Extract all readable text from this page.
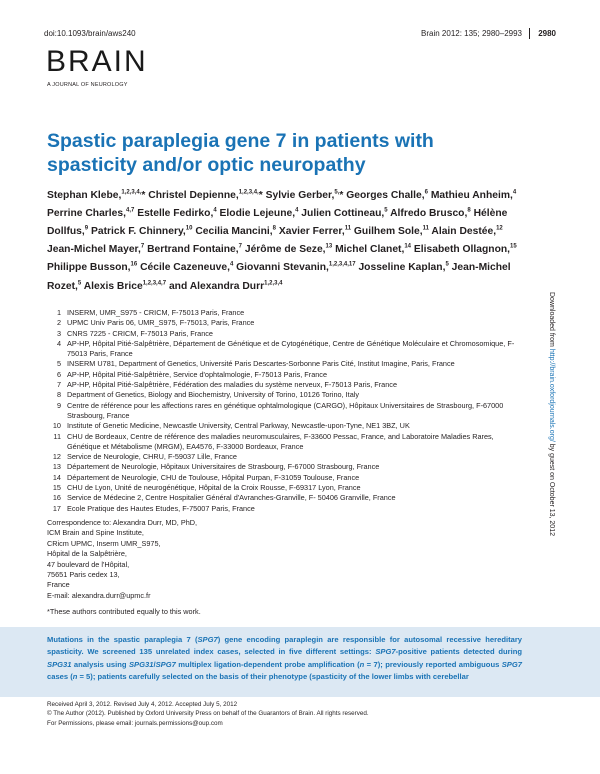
doi:10.1093/brain/aws240	Brain 2012: 135; 2980–2993 2980
BRAIN
A JOURNAL OF NEUROLOGY
Spastic paraplegia gene 7 in patients with spasticity and/or optic neuropathy
Stephan Klebe,$^{1,2,3,4,}$* Christel Depienne,$^{1,2,3,4,}$* Sylvie Gerber,$^{5,}$* Georges Challe,$^6$ Mathieu Anheim,$^4$ Perrine Charles,$^{4,7}$ Estelle Fedirko,$^4$ Elodie Lejeune,$^4$ Julien Cottineau,$^5$ Alfredo Brusco,$^8$ Hélène Dollfus,$^9$ Patrick F. Chinnery,$^{10}$ Cecilia Mancini,$^8$ Xavier Ferrer,$^{11}$ Guilhem Sole,$^{11}$ Alain Destée,$^{12}$ Jean-Michel Mayer,$^7$ Bertrand Fontaine,$^7$ Jérôme de Seze,$^{13}$ Michel Clanet,$^{14}$ Elisabeth Ollagnon,$^{15}$ Philippe Busson,$^{16}$ Cécile Cazeneuve,$^4$ Giovanni Stevanin,$^{1,2,3,4,17}$ Josseline Kaplan,$^5$ Jean-Michel Rozet,$^5$ Alexis Brice$^{1,2,3,4,7}$ and Alexandra Durr$^{1,2,3,4}$
1 INSERM, UMR_S975 - CRICM, F-75013 Paris, France
2 UPMC Univ Paris 06, UMR_S975, F-75013, Paris, France
3 CNRS 7225 - CRICM, F-75013 Paris, France
4 AP-HP, Hôpital Pitié-Salpêtrière, Département de Génétique et de Cytogénétique, Centre de Génétique Moléculaire et Chromosomique, F-75013 Paris, France
5 INSERM U781, Department of Genetics, Université Paris Descartes-Sorbonne Paris Cité, Institut Imagine, Paris, France
6 AP-HP, Hôpital Pitié-Salpêtrière, Service d'ophtalmologie, F-75013 Paris, France
7 AP-HP, Hôpital Pitié-Salpêtrière, Fédération des maladies du système nerveux, F-75013 Paris, France
8 Department of Genetics, Biology and Biochemistry, University of Torino, 10126 Torino, Italy
9 Centre de référence pour les affections rares en génétique ophtalmologique (CARGO), Hôpitaux Universitaires de Strasbourg, F-67000 Strasbourg, France
10 Institute of Genetic Medicine, Newcastle University, Central Parkway, Newcastle-upon-Tyne, NE1 3BZ, UK
11 CHU de Bordeaux, Centre de référence des maladies neuromusculaires, F-33600 Pessac, France, and Laboratoire Maladies Rares, Génétique et Métabolisme (MRGM), EA4576, F-33000 Bordeaux, France
12 Service de Neurologie, CHRU, F-59037 Lille, France
13 Département de Neurologie, Hôpitaux Universitaires de Strasbourg, F-67000 Strasbourg, France
14 Département de Neurologie, CHU de Toulouse, Hôpital Purpan, F-31059 Toulouse, France
15 CHU de Lyon, Unité de neurogénétique, Hôpital de la Croix Rousse, F-69317 Lyon, France
16 Service de Médecine 2, Centre Hospitalier Général d'Avranches-Granville, F- 50406 Granville, France
17 Ecole Pratique des Hautes Etudes, F-75007 Paris, France
Correspondence to: Alexandra Durr, MD, PhD,
ICM Brain and Spine Institute,
CRicm UPMC, Inserm UMR_S975,
Hôpital de la Salpêtrière,
47 boulevard de l'Hôpital,
75651 Paris cedex 13,
France
E-mail: alexandra.durr@upmc.fr
*These authors contributed equally to this work.

Mutations in the spastic paraplegia 7 (SPG7) gene encoding paraplegin are responsible for autosomal recessive hereditary spasticity. We screened 135 unrelated index cases, selected in five different settings: SPG7-positive patients detected during SPG31 analysis using SPG31/SPG7 multiplex ligation-dependent probe amplification (n = 7); previously reported ambiguous SPG7 cases (n = 5); patients carefully selected on the basis of their phenotype (spasticity of the lower limbs with cerebellar

Received April 3, 2012. Revised July 4, 2012. Accepted July 5, 2012
© The Author (2012). Published by Oxford University Press on behalf of the Guarantors of Brain. All rights reserved.
For Permissions, please email: journals.permissions@oup.com
Downloaded from http://brain.oxfordjournals.org/ by guest on October 13, 2012
